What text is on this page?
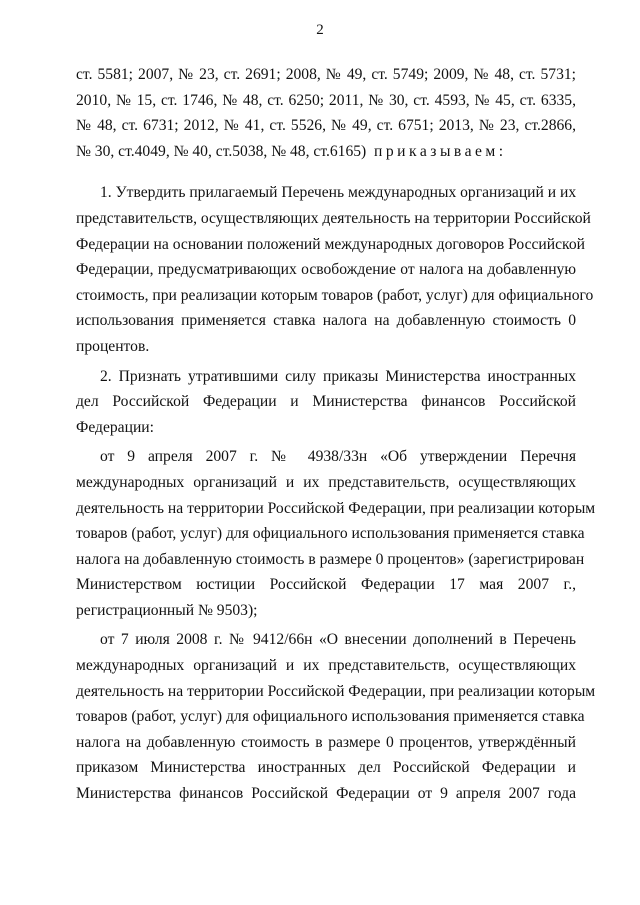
2
ст. 5581; 2007, № 23, ст. 2691; 2008, № 49, ст. 5749; 2009, № 48, ст. 5731;
2010, № 15, ст. 1746, № 48, ст. 6250; 2011, № 30, ст. 4593, № 45, ст. 6335,
№ 48, ст. 6731; 2012, № 41, ст. 5526, № 49, ст. 6751; 2013, № 23, ст.2866,
№ 30, ст.4049, № 40, ст.5038, № 48, ст.6165) приказываем:
1. Утвердить прилагаемый Перечень международных организаций и их
представительств, осуществляющих деятельность на территории Российской
Федерации на основании положений международных договоров Российской
Федерации, предусматривающих освобождение от налога на добавленную
стоимость, при реализации которым товаров (работ, услуг) для официального
использования применяется ставка налога на добавленную стоимость 0
процентов.
2. Признать утратившими силу приказы Министерства иностранных
дел Российской Федерации и Министерства финансов Российской
Федерации:
от 9 апреля 2007 г. № 4938/33н «Об утверждении Перечня
международных организаций и их представительств, осуществляющих
деятельность на территории Российской Федерации, при реализации которым
товаров (работ, услуг) для официального использования применяется ставка
налога на добавленную стоимость в размере 0 процентов» (зарегистрирован
Министерством юстиции Российской Федерации 17 мая 2007 г.,
регистрационный № 9503);
от 7 июля 2008 г. № 9412/66н «О внесении дополнений в Перечень
международных организаций и их представительств, осуществляющих
деятельность на территории Российской Федерации, при реализации которым
товаров (работ, услуг) для официального использования применяется ставка
налога на добавленную стоимость в размере 0 процентов, утверждённый
приказом Министерства иностранных дел Российской Федерации и
Министерства финансов Российской Федерации от 9 апреля 2007 года
